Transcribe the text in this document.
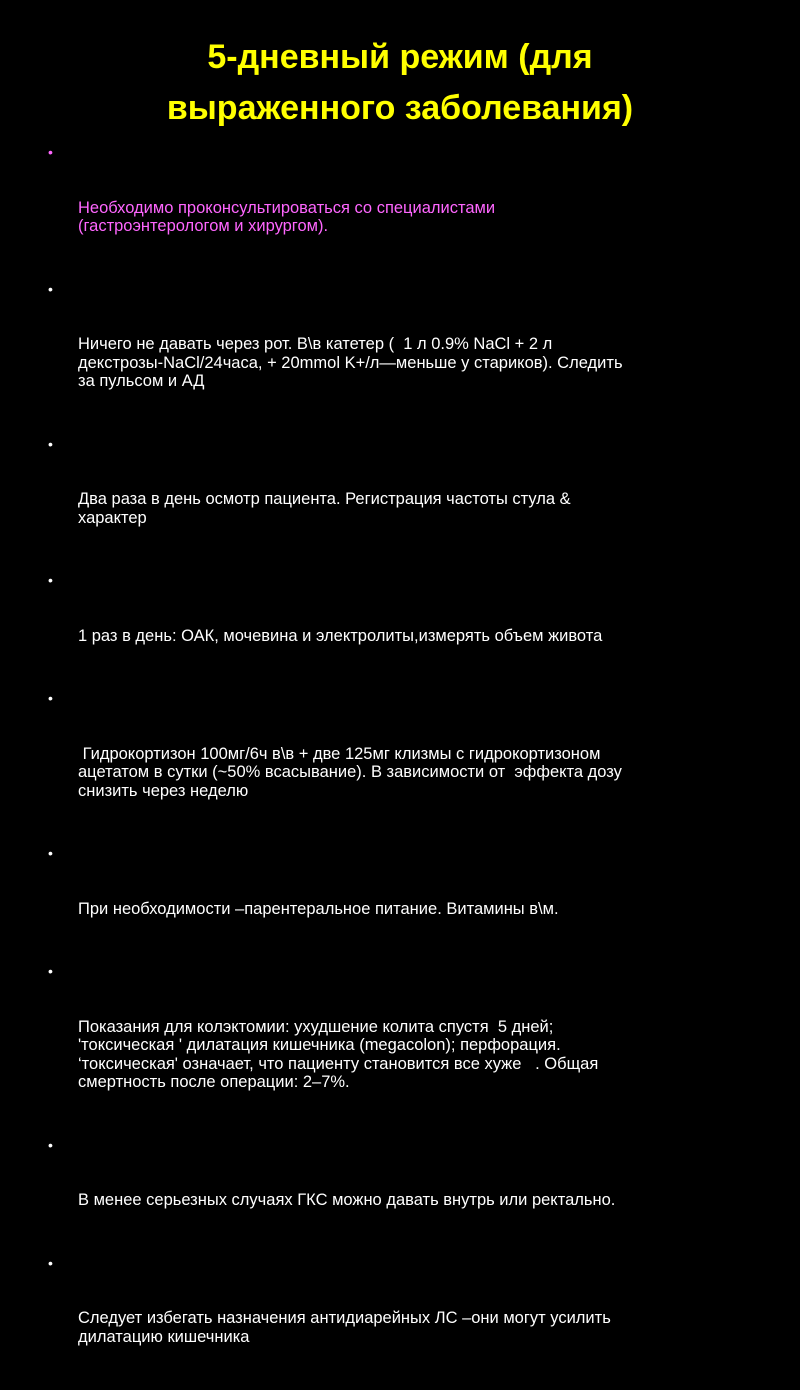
5-дневный режим (для
выраженного заболевания)

•

Необходимо проконсультироваться со специалистами
(гастроэнтерологом и хирургом).

•

Ничего не давать через рот. В\в катетер (  1 л 0.9% NaCl + 2 л
декстрозы-NaCl/24часа, + 20mmol K+/л—меньше у стариков). Следить
за пульсом и АД

•

Два раза в день осмотр пациента. Регистрация частоты стула &
характер

•

1 раз в день: ОАК, мочевина и электролиты,измерять объем живота

•

Гидрокортизон 100мг/6ч в\в + две 125мг клизмы с гидрокортизоном
ацетатом в сутки (~50% всасывание). В зависимости от  эффекта дозу
снизить через неделю

•

При необходимости –парентеральное питание. Витамины в\м.

•

Показания для колэктомии: ухудшение колита спустя  5 дней;
'токсическая ' дилатация кишечника (megacolon); перфорация.
‘токсическая' означает, что пациенту становится все хуже   . Общая
смертность после операции: 2–7%.

•

В менее серьезных случаях ГКС можно давать внутрь или ректально.

•

Следует избегать назначения антидиарейных ЛС –они могут усилить
дилатацию кишечника
